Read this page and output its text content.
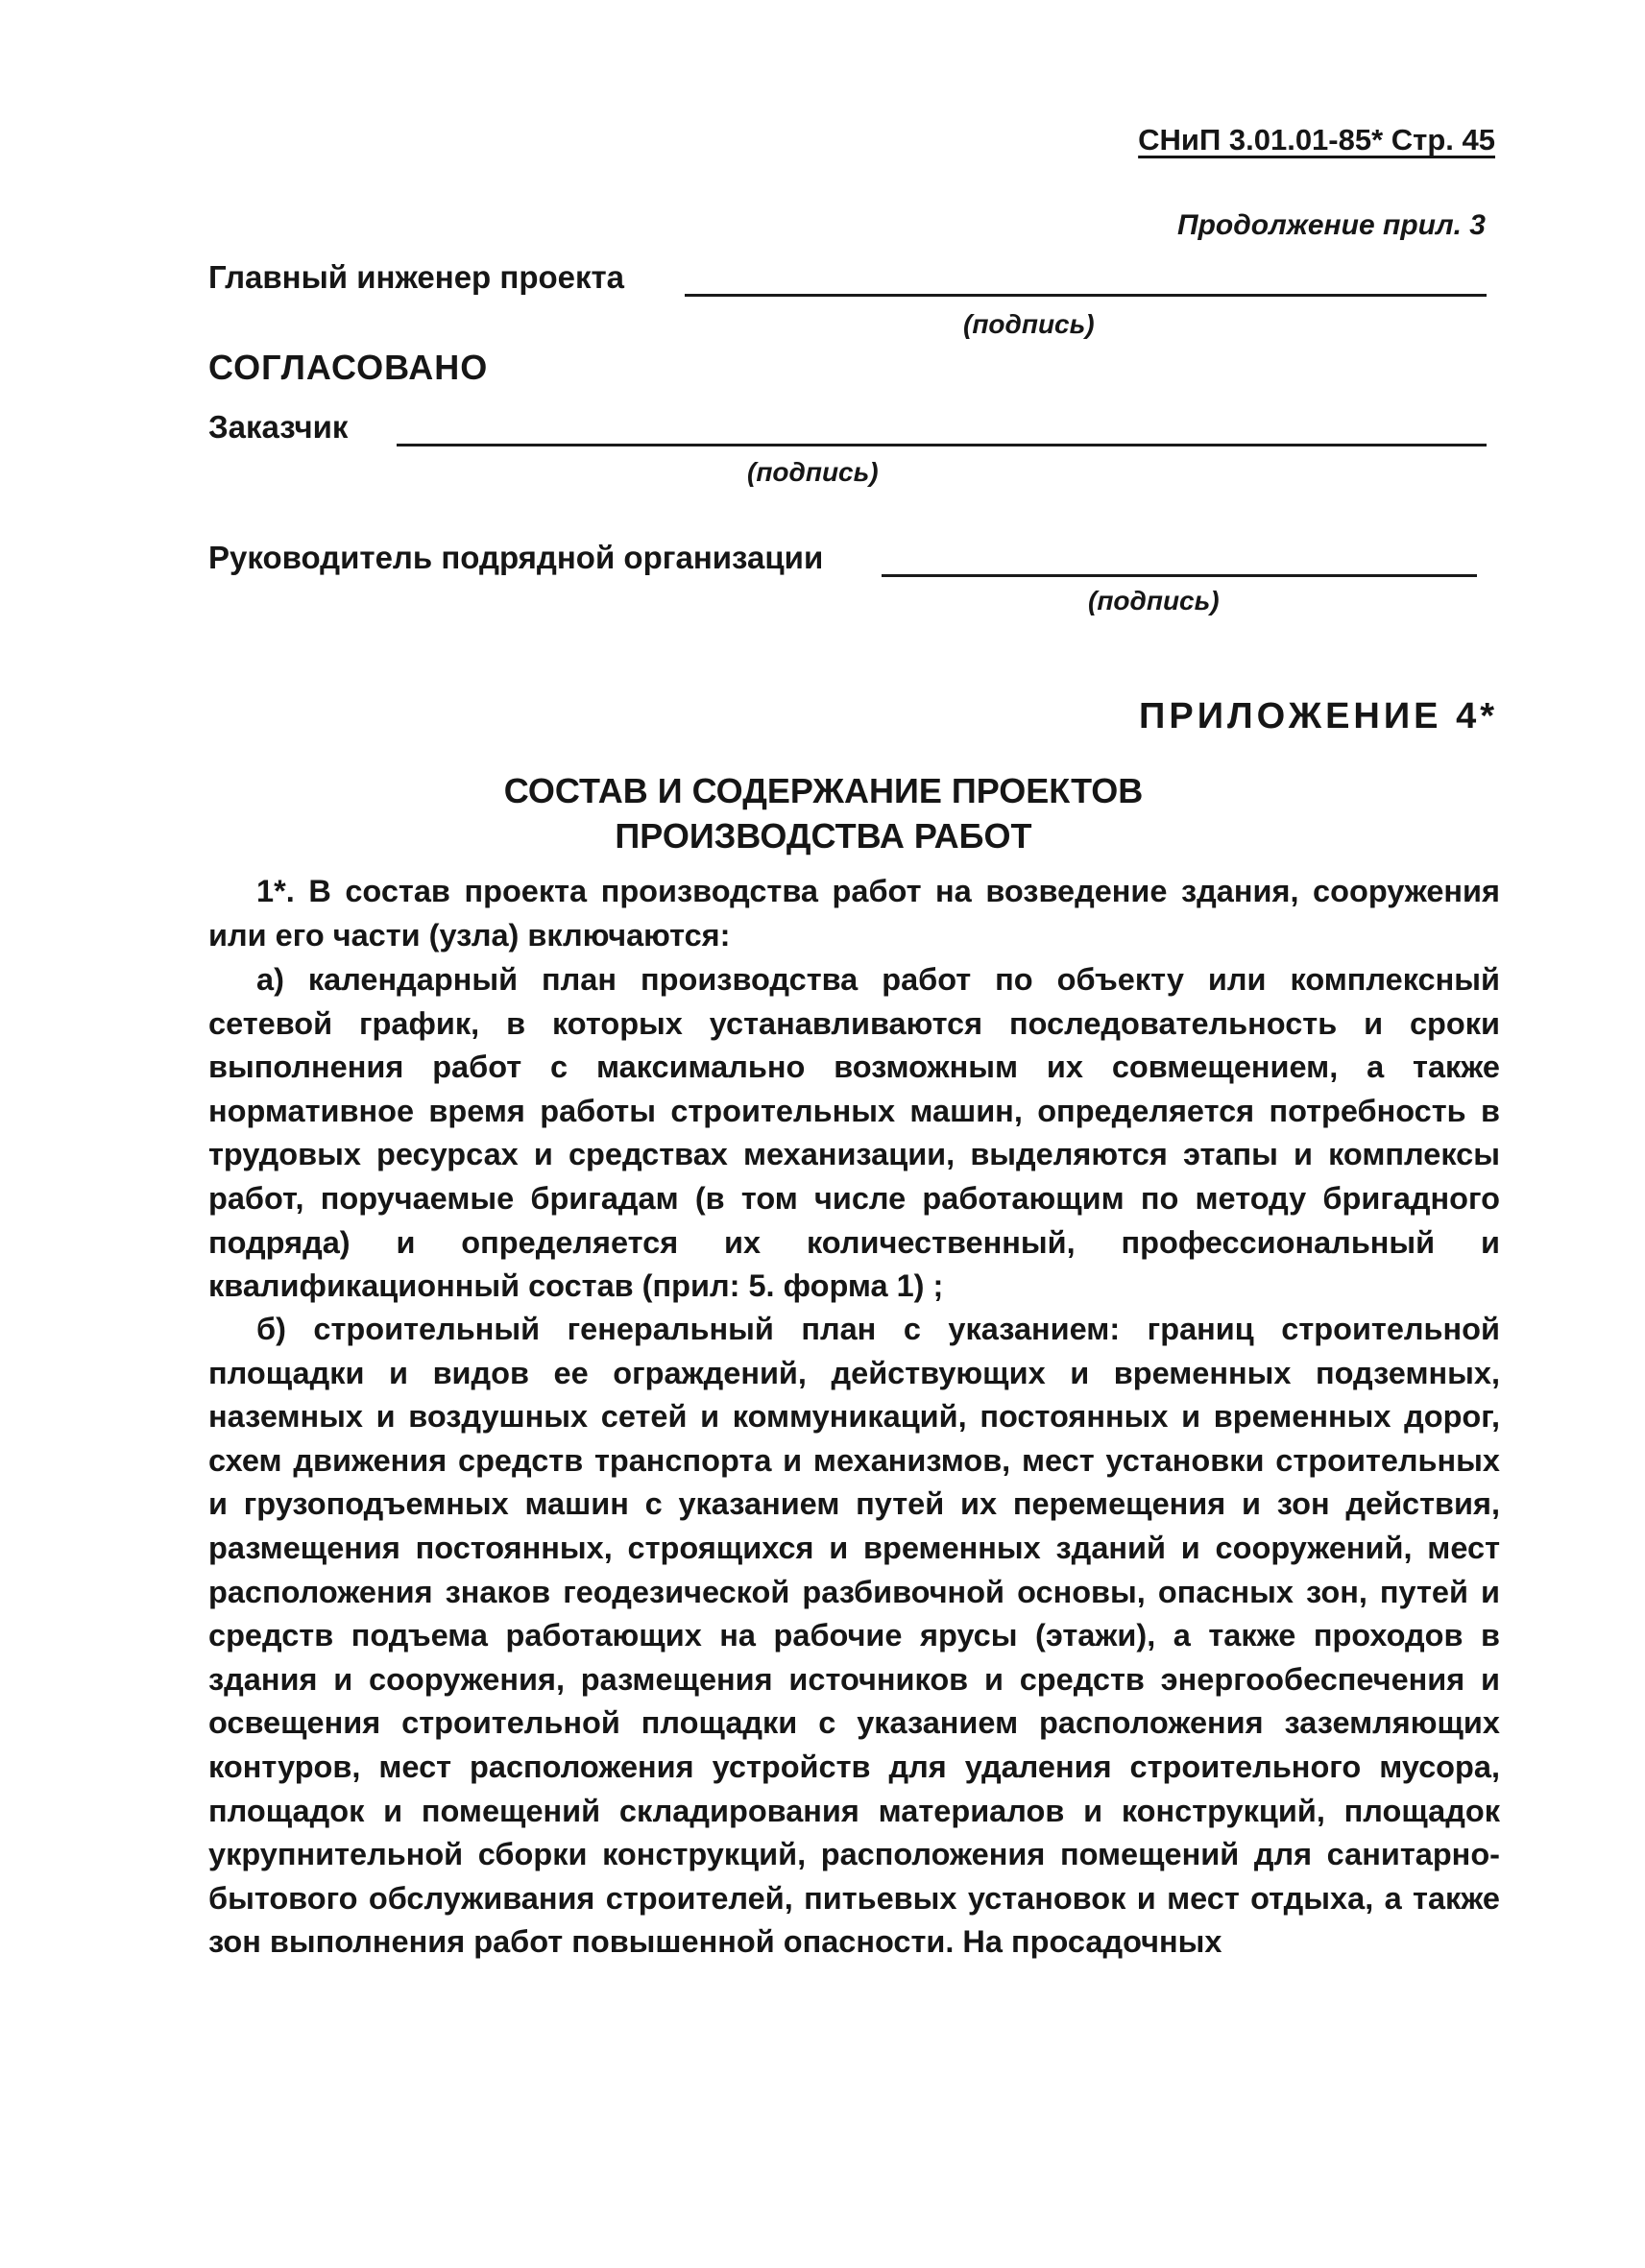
СНиП 3.01.01-85* Стр. 45
Продолжение прил. 3
Главный инженер проекта
(подпись)
СОГЛАСОВАНО
Заказчик
(подпись)
Руководитель подрядной организации
(подпись)
ПРИЛОЖЕНИЕ 4*
СОСТАВ И СОДЕРЖАНИЕ ПРОЕКТОВ
ПРОИЗВОДСТВА РАБОТ

1*. В состав проекта производства работ на возведение здания, сооружения или его части (узла) включаются:

а) календарный план производства работ по объекту или комплексный сетевой график, в которых устанавливаются последовательность и сроки выполнения работ с максимально возможным их совмещением, а также нормативное время работы строительных машин, определяется потребность в трудовых ресурсах и средствах механизации, выделяются этапы и комплексы работ, поручаемые бригадам (в том числе работающим по методу бригадного подряда) и определяется их количественный, профессиональный и квалификационный состав (прил: 5. форма 1) ;

б) строительный генеральный план с указанием: границ строительной площадки и видов ее ограждений, действующих и временных подземных, наземных и воздушных сетей и коммуникаций, постоянных и временных дорог, схем движения средств транспорта и механизмов, мест установки строительных и грузоподъемных машин с указанием путей их перемещения и зон действия, размещения постоянных, строящихся и временных зданий и сооружений, мест расположения знаков геодезической разбивочной основы, опасных зон, путей и средств подъема работающих на рабочие ярусы (этажи), а также проходов в здания и сооружения, размещения источников и средств энергообеспечения и освещения строительной площадки с указанием расположения заземляющих контуров, мест расположения устройств для удаления строительного мусора, площадок и помещений складирования материалов и конструкций, площадок укрупнительной сборки конструкций, расположения помещений для санитарно-бытового обслуживания строителей, питьевых установок и мест отдыха, а также зон выполнения работ повышенной опасности. На просадочных
